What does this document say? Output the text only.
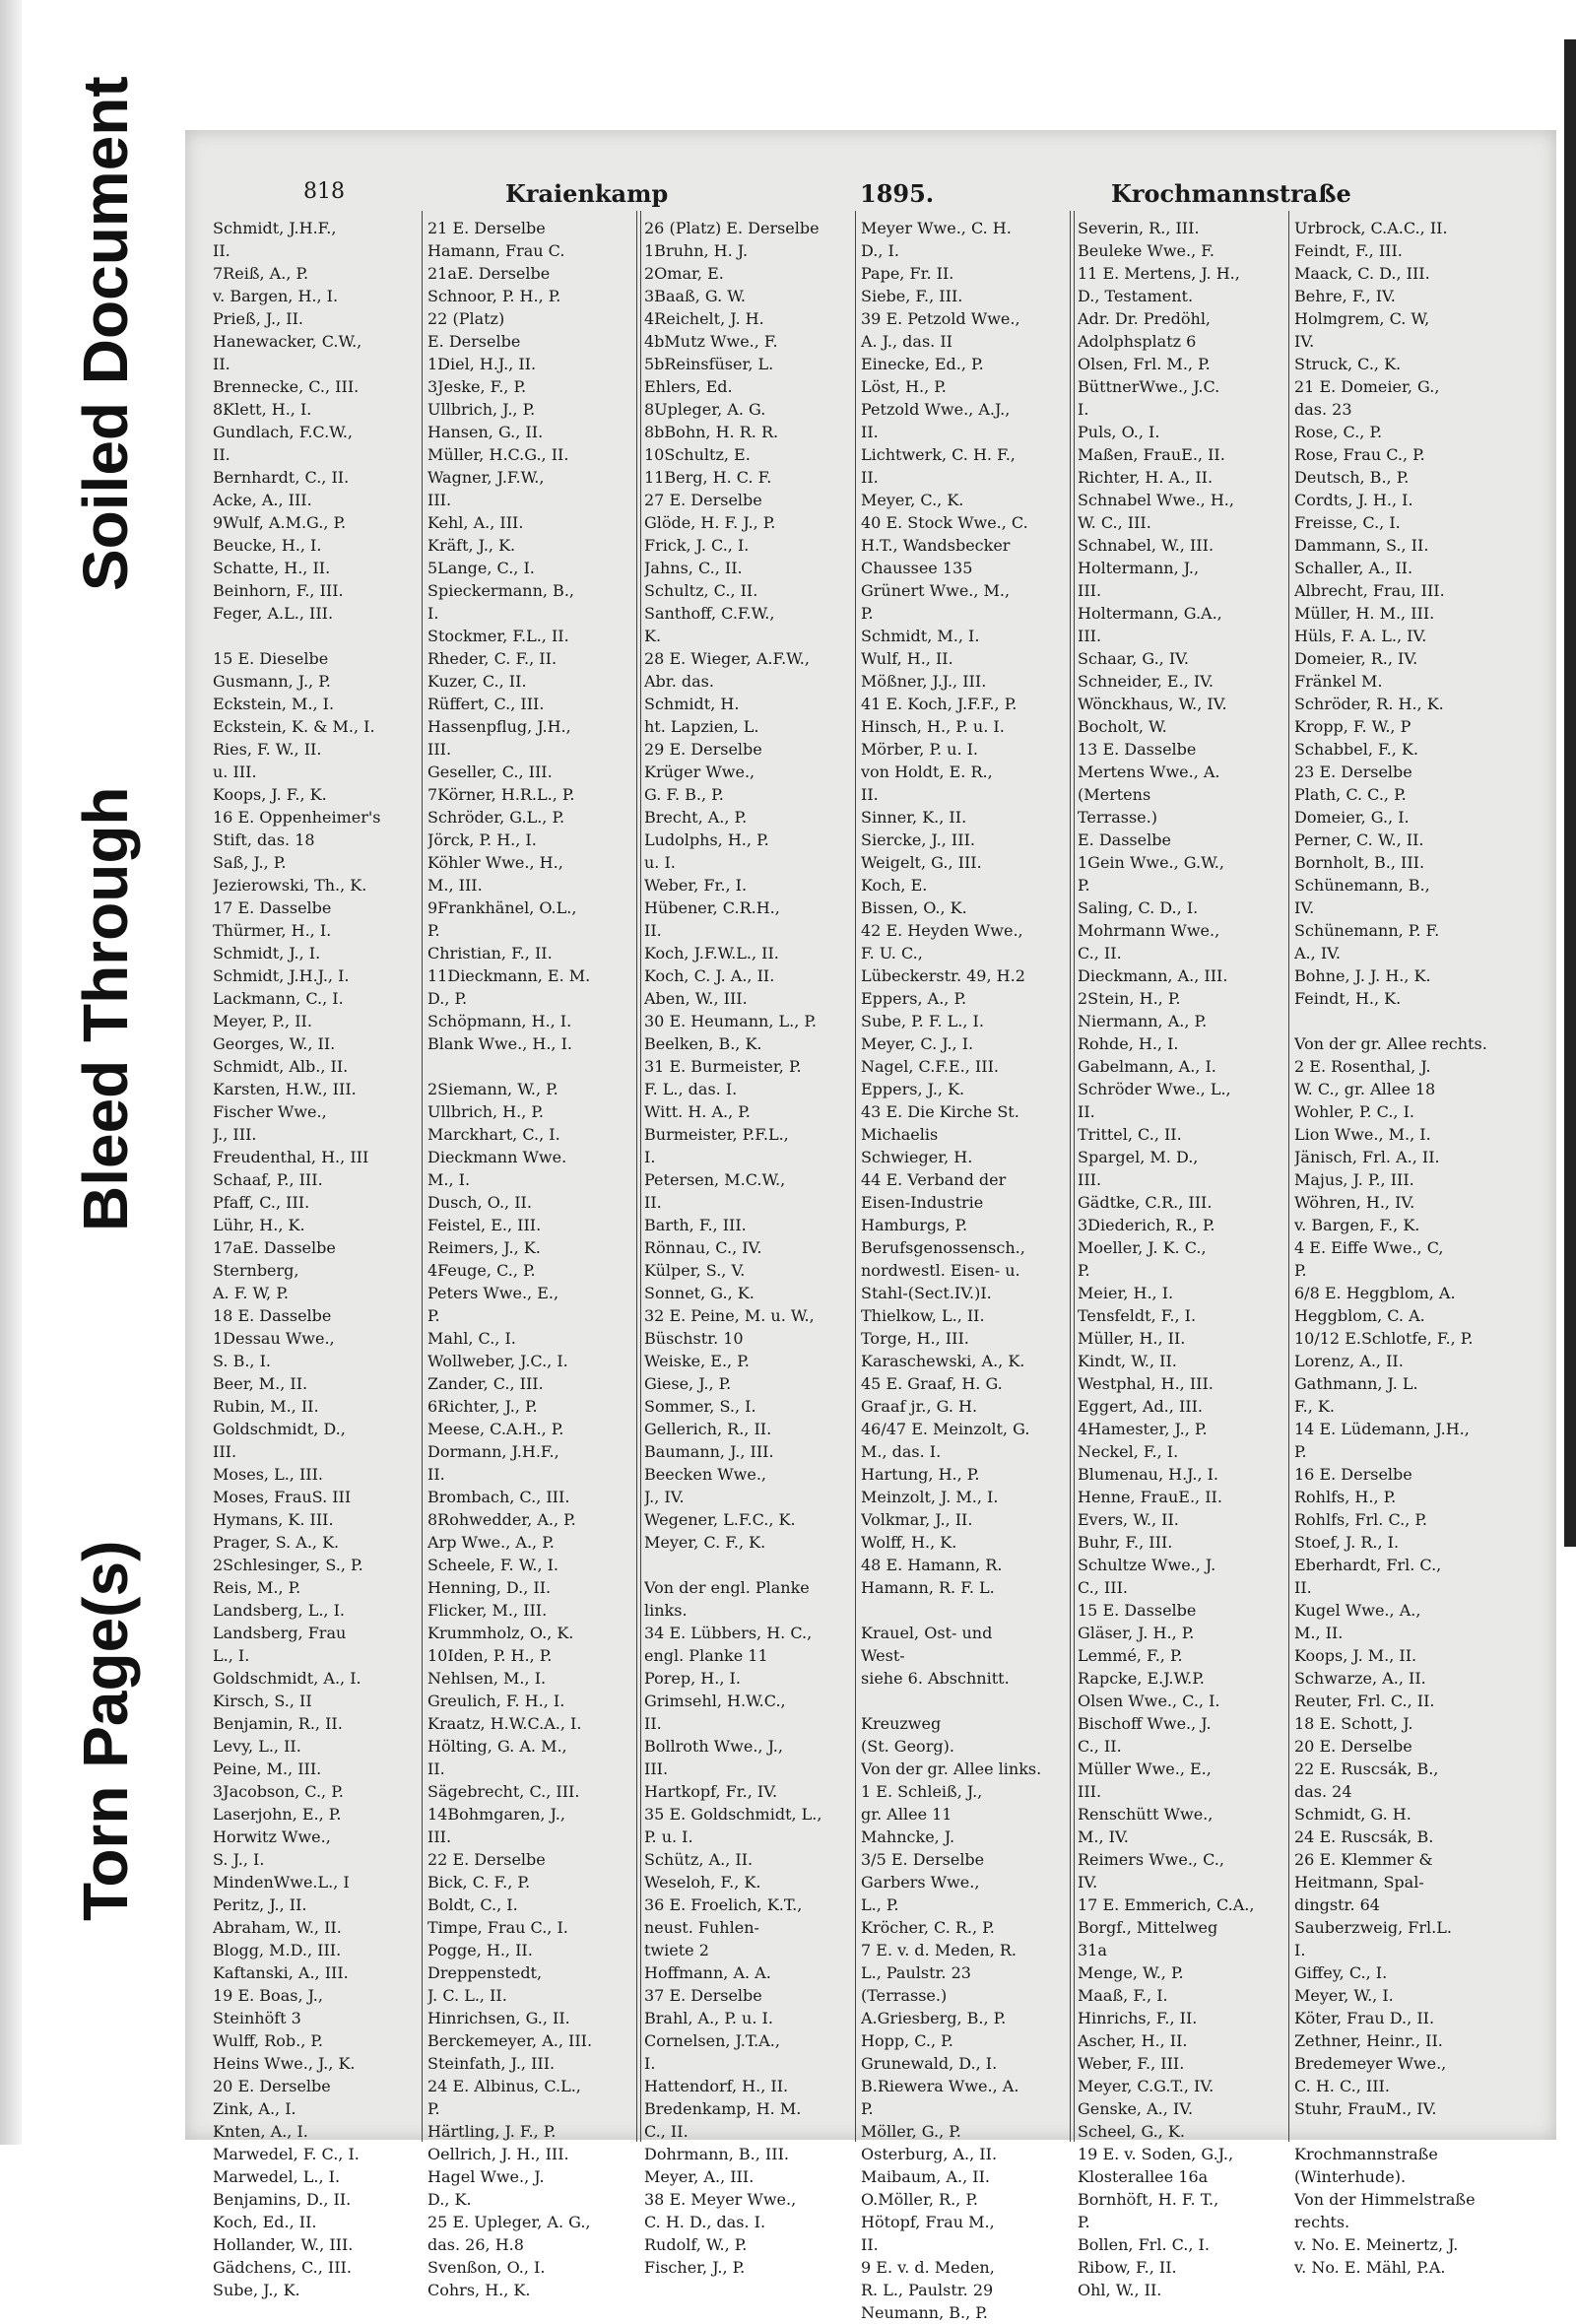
Bleed Through
Soiled Document
Torn Page(s)
818	Kraienkamp	1895.	Krochmannstraße
Schmidt, J.H.F.,
II.
7Reiß, A., P.
v. Bargen, H., I.
Prieß, J., II.
Hanewacker, C.W.,
II.
Brennecke, C., III.
8Klett, H., I.
Gundlach, F.C.W.,
II.
Bernhardt, C., II.
Acke, A., III.
9Wulf, A.M.G., P.
Beucke, H., I.
Schatte, H., II.
Beinhorn, F., III.
Feger, A.L., III.
15 E. Dieselbe
Gusmann, J., P.
Eckstein, M., I.
Eckstein, K. & M., I.
Ries, F. W., II.
u. III.
Koops, J. F., K.
16 E. Oppenheimer's
Stift, das. 18
Saß, J., P.
Jezierowski, Th., K.
17 E. Dasselbe
Thürmer, H., I.
Schmidt, J., I.
Schmidt, J.H.J., I.
Lackmann, C., I.
Meyer, P., II.
Georges, W., II.
Schmidt, Alb., II.
Karsten, H.W., III.
Fischer Wwe.,
J., III.
Freudenthal, H., III
Schaaf, P., III.
Pfaff, C., III.
Lühr, H., K.
17aE. Dasselbe
Sternberg,
A. F. W, P.
18 E. Dasselbe
1Dessau Wwe.,
S. B., I.
Beer, M., II.
Rubin, M., II.
Goldschmidt, D.,
III.
Moses, L., III.
Moses, FrauS. III
Hymans, K. III.
Prager, S. A., K.
2Schlesinger, S., P.
Reis, M., P.
Landsberg, L., I.
Landsberg, Frau
L., I.
Goldschmidt, A., I.
Kirsch, S., II
Benjamin, R., II.
Levy, L., II.
Peine, M., III.
3Jacobson, C., P.
Laserjohn, E., P.
Horwitz Wwe.,
S. J., I.
MindenWwe.L., I
Peritz, J., II.
Abraham, W., II.
Blogg, M.D., III.
Kaftanski, A., III.
19 E. Boas, J.,
Steinhöft 3
Wulff, Rob., P.
Heins Wwe., J., K.
20 E. Derselbe
Zink, A., I.
Knten, A., I.
Marwedel, F. C., I.
Marwedel, L., I.
Benjamins, D., II.
Koch, Ed., II.
Hollander, W., III.
Gädchens, C., III.
Sube, J., K.
21 E. Derselbe
Hamann, Frau C.
21aE. Derselbe
Schnoor, P. H., P.
22 (Platz)
E. Derselbe
1Diel, H.J., II.
3Jeske, F., P.
Ullbrich, J., P.
Hansen, G., II.
Müller, H.C.G., II.
Wagner, J.F.W.,
III.
Kehl, A., III.
Kräft, J., K.
5Lange, C., I.
Spieckermann, B.,
I.
Stockmer, F.L., II.
Rheder, C. F., II.
Kuzer, C., II.
Rüffert, C., III.
Hassenpflug, J.H.,
III.
Geseller, C., III.
7Körner, H.R.L., P.
Schröder, G.L., P.
Jörck, P. H., I.
Köhler Wwe., H.,
M., III.
9Frankhänel, O.L.,
P.
Christian, F., II.
11Dieckmann, E. M.
D., P.
Schöpmann, H., I.
Blank Wwe., H., I.
2Siemann, W., P.
Ullbrich, H., P.
Marckhart, C., I.
Dieckmann Wwe.
M., I.
Dusch, O., II.
Feistel, E., III.
Reimers, J., K.
4Feuge, C., P.
Peters Wwe., E.,
P.
Mahl, C., I.
Wollweber, J.C., I.
Zander, C., III.
6Richter, J., P.
Meese, C.A.H., P.
Dormann, J.H.F.,
II.
Brombach, C., III.
8Rohwedder, A., P.
Arp Wwe., A., P.
Scheele, F. W., I.
Henning, D., II.
Flicker, M., III.
Krummholz, O., K.
10Iden, P. H., P.
Nehlsen, M., I.
Greulich, F. H., I.
Kraatz, H.W.C.A., I.
Hölting, G. A. M.,
II.
Sägebrecht, C., III.
14Bohmgaren, J.,
III.
22 E. Derselbe
Bick, C. F., P.
Boldt, C., I.
Timpe, Frau C., I.
Pogge, H., II.
Dreppenstedt,
J. C. L., II.
Hinrichsen, G., II.
Berckemeyer, A., III.
Steinfath, J., III.
24 E. Albinus, C.L.,
P.
Härtling, J. F., P.
Oellrich, J. H., III.
Hagel Wwe., J.
D., K.
25 E. Upleger, A. G.,
das. 26, H.8
Svenßon, O., I.
Cohrs, H., K.
26 (Platz) E. Derselbe
1Bruhn, H. J.
2Omar, E.
3Baaß, G. W.
4Reichelt, J. H.
4bMutz Wwe., F.
5bReinsfüser, L.
Ehlers, Ed.
8Upleger, A. G.
8bBohn, H. R. R.
10Schultz, E.
11Berg, H. C. F.
27 E. Derselbe
Glöde, H. F. J., P.
Frick, J. C., I.
Jahns, C., II.
Schultz, C., II.
Santhoff, C.F.W.,
K.
28 E. Wieger, A.F.W.,
Abr. das.
Schmidt, H.
ht. Lapzien, L.
29 E. Derselbe
Krüger Wwe.,
G. F. B., P.
Brecht, A., P.
Ludolphs, H., P.
u. I.
Weber, Fr., I.
Hübener, C.R.H.,
II.
Koch, J.F.W.L., II.
Koch, C. J. A., II.
Aben, W., III.
30 E. Heumann, L., P.
Beelken, B., K.
31 E. Burmeister, P.
F. L., das. I.
Witt. H. A., P.
Burmeister, P.F.L.,
I.
Petersen, M.C.W.,
II.
Barth, F., III.
Rönnau, C., IV.
Külper, S., V.
Sonnet, G., K.
32 E. Peine, M. u. W.,
Büschstr. 10
Weiske, E., P.
Giese, J., P.
Sommer, S., I.
Gellerich, R., II.
Baumann, J., III.
Beecken Wwe.,
J., IV.
Wegener, L.F.C., K.
Meyer, C. F., K.
Von der engl. Planke
links.
34 E. Lübbers, H. C.,
engl. Planke 11
Porep, H., I.
Grimsehl, H.W.C.,
II.
Bollroth Wwe., J.,
III.
Hartkopf, Fr., IV.
35 E. Goldschmidt, L.,
P. u. I.
Schütz, A., II.
Weseloh, F., K.
36 E. Froelich, K.T.,
neust. Fuhlen-
twiete 2
Hoffmann, A. A.
37 E. Derselbe
Brahl, A., P. u. I.
Cornelsen, J.T.A.,
I.
Hattendorf, H., II.
Bredenkamp, H. M.
C., II.
Dohrmann, B., III.
Meyer, A., III.
38 E. Meyer Wwe.,
C. H. D., das. I.
Rudolf, W., P.
Fischer, J., P.
Meyer Wwe., C. H.
D., I.
Pape, Fr. II.
Siebe, F., III.
39 E. Petzold Wwe.,
A. J., das. II
Einecke, Ed., P.
Löst, H., P.
Petzold Wwe., A.J.,
II.
Lichtwerk, C. H. F.,
II.
Meyer, C., K.
40 E. Stock Wwe., C.
H.T., Wandsbecker
Chaussee 135
Grünert Wwe., M.,
P.
Schmidt, M., I.
Wulf, H., II.
Mößner, J.J., III.
41 E. Koch, J.F.F., P.
Hinsch, H., P. u. I.
Mörber, P. u. I.
von Holdt, E. R.,
II.
Sinner, K., II.
Siercke, J., III.
Weigelt, G., III.
Koch, E.
Bissen, O., K.
42 E. Heyden Wwe.,
F. U. C.,
Lübeckerstr. 49, H.2
Eppers, A., P.
Sube, P. F. L., I.
Meyer, C. J., I.
Nagel, C.F.E., III.
Eppers, J., K.
43 E. Die Kirche St.
Michaelis
Schwieger, H.
44 E. Verband der
Eisen-Industrie
Hamburgs, P.
Berufsgenossensch.,
nordwestl. Eisen- u.
Stahl-(Sect.IV.)I.
Thielkow, L., II.
Torge, H., III.
Karaschewski, A., K.
45 E. Graaf, H. G.
Graaf jr., G. H.
46/47 E. Meinzolt, G.
M., das. I.
Hartung, H., P.
Meinzolt, J. M., I.
Volkmar, J., II.
Wolff, H., K.
48 E. Hamann, R.
Hamann, R. F. L.
Krauel, Ost- und
West-
siehe 6. Abschnitt.
Kreuzweg
(St. Georg).
Von der gr. Allee links.
1 E. Schleiß, J.,
gr. Allee 11
Mahncke, J.
3/5 E. Derselbe
Garbers Wwe.,
L., P.
Kröcher, C. R., P.
7 E. v. d. Meden, R.
L., Paulstr. 23
(Terrasse.)
A.Griesberg, B., P.
Hopp, C., P.
Grunewald, D., I.
B.Riewera Wwe., A.
P.
Möller, G., P.
Osterburg, A., II.
Maibaum, A., II.
O.Möller, R., P.
Hötopf, Frau M.,
II.
9 E. v. d. Meden,
R. L., Paulstr. 29
Neumann, B., P.
Severin, R., III.
Beuleke Wwe., F.
11 E. Mertens, J. H.,
D., Testament.
Adr. Dr. Predöhl,
Adolphsplatz 6
Olsen, Frl. M., P.
BüttnerWwe., J.C.
I.
Puls, O., I.
Maßen, FrauE., II.
Richter, H. A., II.
Schnabel Wwe., H.,
W. C., III.
Schnabel, W., III.
Holtermann, J.,
III.
Holtermann, G.A.,
III.
Schaar, G., IV.
Schneider, E., IV.
Wönckhaus, W., IV.
Bocholt, W.
13 E. Dasselbe
Mertens Wwe., A.
(Mertens
Terrasse.)
E. Dasselbe
1Gein Wwe., G.W.,
P.
Saling, C. D., I.
Mohrmann Wwe.,
C., II.
Dieckmann, A., III.
2Stein, H., P.
Niermann, A., P.
Rohde, H., I.
Gabelmann, A., I.
Schröder Wwe., L.,
II.
Trittel, C., II.
Spargel, M. D.,
III.
Gädtke, C.R., III.
3Diederich, R., P.
Moeller, J. K. C.,
P.
Meier, H., I.
Tensfeldt, F., I.
Müller, H., II.
Kindt, W., II.
Westphal, H., III.
Eggert, Ad., III.
4Hamester, J., P.
Neckel, F., I.
Blumenau, H.J., I.
Henne, FrauE., II.
Evers, W., II.
Buhr, F., III.
Schultze Wwe., J.
C., III.
15 E. Dasselbe
Gläser, J. H., P.
Lemmé, F., P.
Rapcke, E.J.W.P.
Olsen Wwe., C., I.
Bischoff Wwe., J.
C., II.
Müller Wwe., E.,
III.
Renschütt Wwe.,
M., IV.
Reimers Wwe., C.,
IV.
17 E. Emmerich, C.A.,
Borgf., Mittelweg
31a
Menge, W., P.
Maaß, F., I.
Hinrichs, F., II.
Ascher, H., II.
Weber, F., III.
Meyer, C.G.T., IV.
Genske, A., IV.
Scheel, G., K.
19 E. v. Soden, G.J.,
Klosterallee 16a
Bornhöft, H. F. T.,
P.
Bollen, Frl. C., I.
Ribow, F., II.
Ohl, W., II.
Urbrock, C.A.C., II.
Feindt, F., III.
Maack, C. D., III.
Behre, F., IV.
Holmgrem, C. W,
IV.
Struck, C., K.
21 E. Domeier, G.,
das. 23
Rose, C., P.
Rose, Frau C., P.
Deutsch, B., P.
Cordts, J. H., I.
Freisse, C., I.
Dammann, S., II.
Schaller, A., II.
Albrecht, Frau, III.
Müller, H. M., III.
Hüls, F. A. L., IV.
Domeier, R., IV.
Fränkel M.
Schröder, R. H., K.
Kropp, F. W., P
Schabbel, F., K.
23 E. Derselbe
Plath, C. C., P.
Domeier, G., I.
Perner, C. W., II.
Bornholt, B., III.
Schünemann, B.,
IV.
Schünemann, P. F.
A., IV.
Bohne, J. J. H., K.
Feindt, H., K.
Von der gr. Allee rechts.
2 E. Rosenthal, J.
W. C., gr. Allee 18
Wohler, P. C., I.
Lion Wwe., M., I.
Jänisch, Frl. A., II.
Majus, J. P., III.
Wöhren, H., IV.
v. Bargen, F., K.
4 E. Eiffe Wwe., C,
P.
6/8 E. Heggblom, A.
Heggblom, C. A.
10/12 E.Schlotfe, F., P.
Lorenz, A., II.
Gathmann, J. L.
F., K.
14 E. Lüdemann, J.H.,
P.
16 E. Derselbe
Rohlfs, H., P.
Rohlfs, Frl. C., P.
Stoef, J. R., I.
Eberhardt, Frl. C.,
II.
Kugel Wwe., A.,
M., II.
Koops, J. M., II.
Schwarze, A., II.
Reuter, Frl. C., II.
18 E. Schott, J.
20 E. Derselbe
22 E. Ruscsák, B.,
das. 24
Schmidt, G. H.
24 E. Ruscsák, B.
26 E. Klemmer &
Heitmann, Spal-
dingstr. 64
Sauberzweig, Frl.L.
I.
Giffey, C., I.
Meyer, W., I.
Köter, Frau D., II.
Zethner, Heinr., II.
Bredemeyer Wwe.,
C. H. C., III.
Stuhr, FrauM., IV.
Krochmannstraße
(Winterhude).
Von der Himmelstraße
rechts.
v. No. E. Meinertz, J.
v. No. E. Mähl, P.A.
